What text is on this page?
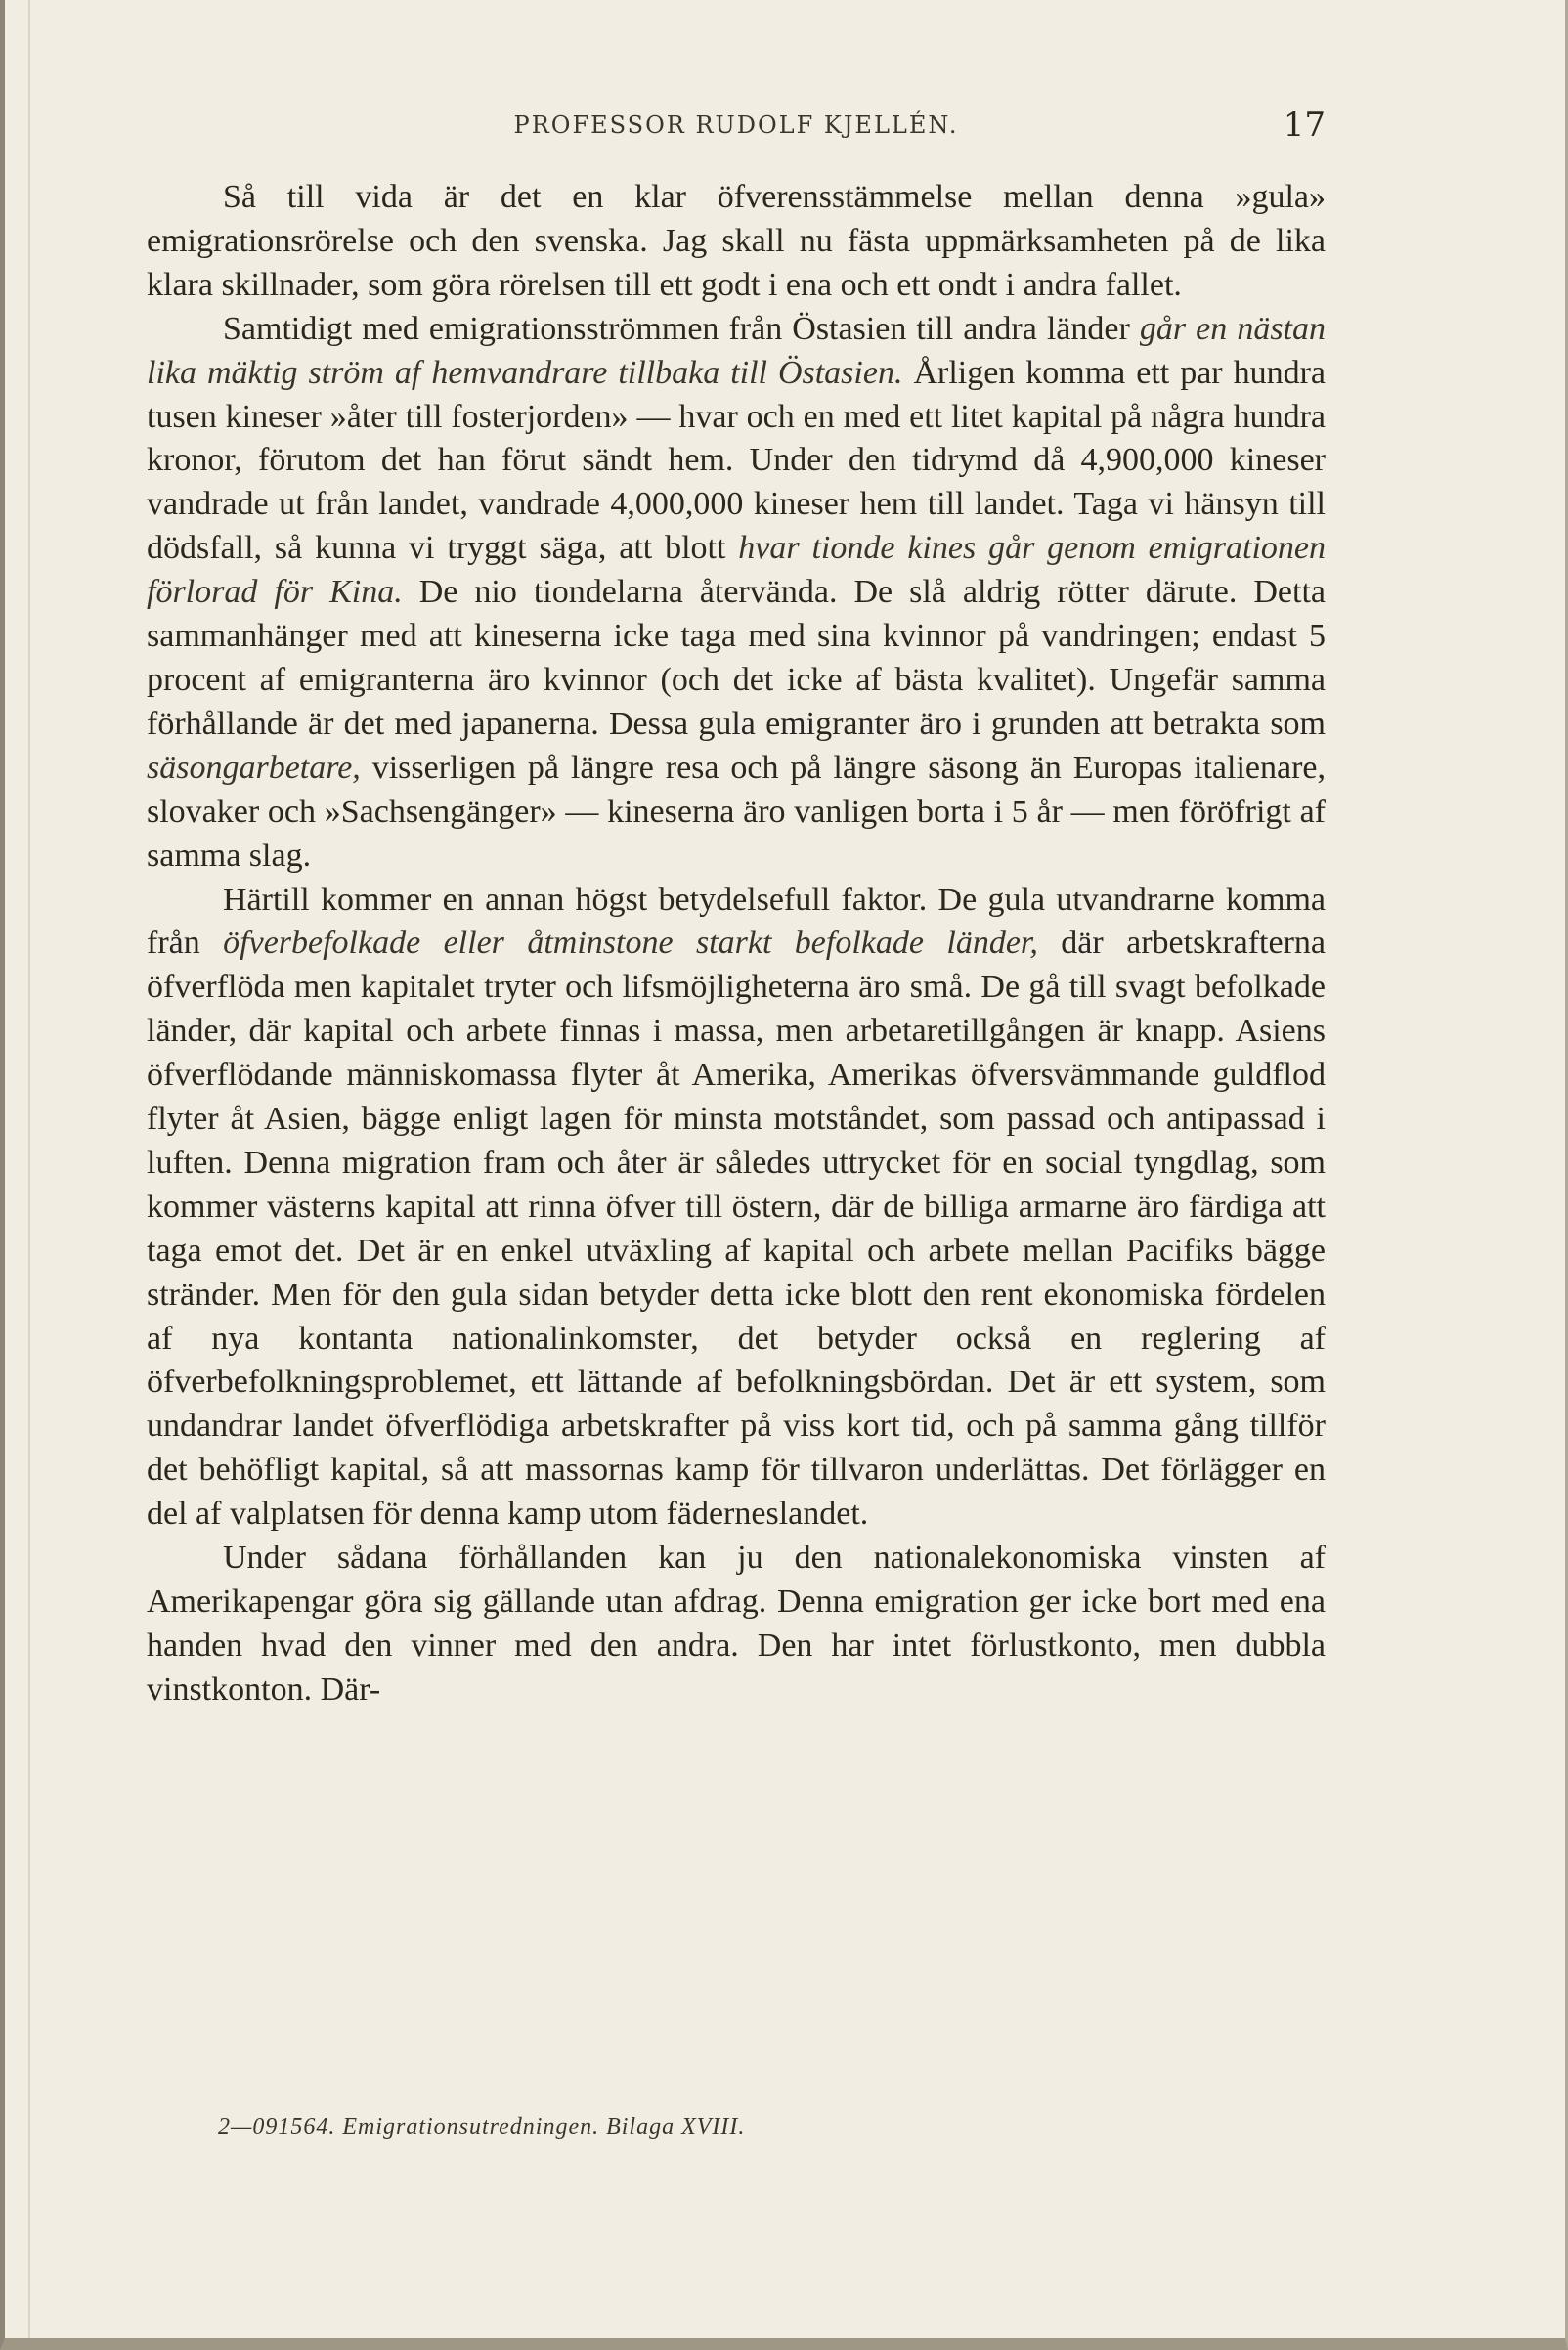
PROFESSOR RUDOLF KJELLÉN.	17

Så till vida är det en klar öfverensstämmelse mellan denna »gula» emigrationsrörelse och den svenska. Jag skall nu fästa uppmärksamheten på de lika klara skillnader, som göra rörelsen till ett godt i ena och ett ondt i andra fallet.

Samtidigt med emigrationsströmmen från Östasien till andra länder går en nästan lika mäktig ström af hemvandrare tillbaka till Östasien. Årligen komma ett par hundra tusen kineser »åter till fosterjorden» — hvar och en med ett litet kapital på några hundra kronor, förutom det han förut sändt hem. Under den tidrymd då 4,900,000 kineser vandrade ut från landet, vandrade 4,000,000 kineser hem till landet. Taga vi hänsyn till dödsfall, så kunna vi tryggt säga, att blott hvar tionde kines går genom emigrationen förlorad för Kina. De nio tiondelarna återvända. De slå aldrig rötter därute. Detta sammanhänger med att kineserna icke taga med sina kvinnor på vandringen; endast 5 procent af emigranterna äro kvinnor (och det icke af bästa kvalitet). Ungefär samma förhållande är det med japanerna. Dessa gula emigranter äro i grunden att betrakta som säsongarbetare, visserligen på längre resa och på längre säsong än Europas italienare, slovaker och »Sachsengänger» — kineserna äro vanligen borta i 5 år — men föröfrigt af samma slag.

Härtill kommer en annan högst betydelsefull faktor. De gula utvandrarne komma från öfverbefolkade eller åtminstone starkt befolkade länder, där arbetskrafterna öfverflöda men kapitalet tryter och lifsmöjligheterna äro små. De gå till svagt befolkade länder, där kapital och arbete finnas i massa, men arbetaretillgången är knapp. Asiens öfverflödande människomassa flyter åt Amerika, Amerikas öfversvämmande guldflod flyter åt Asien, bägge enligt lagen för minsta motståndet, som passad och antipassad i luften. Denna migration fram och åter är således uttrycket för en social tyngdlag, som kommer västerns kapital att rinna öfver till östern, där de billiga armarne äro färdiga att taga emot det. Det är en enkel utväxling af kapital och arbete mellan Pacifiks bägge stränder. Men för den gula sidan betyder detta icke blott den rent ekonomiska fördelen af nya kontanta nationalinkomster, det betyder också en reglering af öfverbefolkningsproblemet, ett lättande af befolkningsbördan. Det är ett system, som undandrar landet öfverflödiga arbetskrafter på viss kort tid, och på samma gång tillför det behöfligt kapital, så att massornas kamp för tillvaron underlättas. Det förlägger en del af valplatsen för denna kamp utom fäderneslandet.

Under sådana förhållanden kan ju den nationalekonomiska vinsten af Amerikapengar göra sig gällande utan afdrag. Denna emigration ger icke bort med ena handen hvad den vinner med den andra. Den har intet förlustkonto, men dubbla vinstkonton. Där-

2—091564. Emigrationsutredningen. Bilaga XVIII.
